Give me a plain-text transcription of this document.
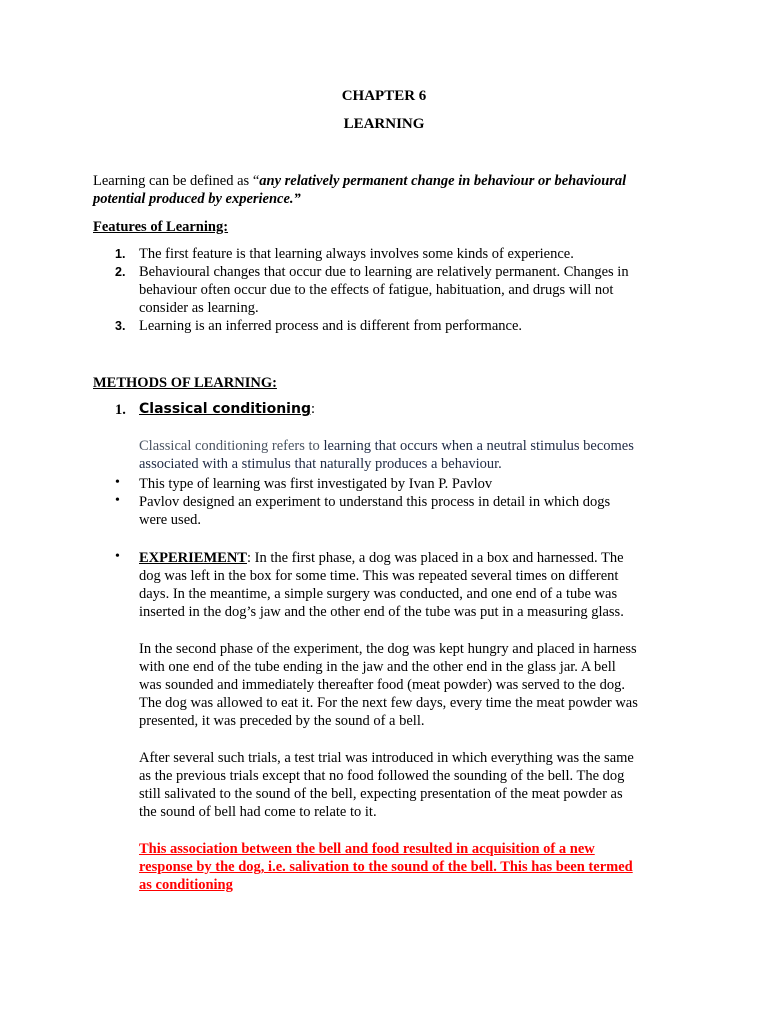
CHAPTER 6
LEARNING
Learning can be defined as “any relatively permanent change in behaviour or behavioural
potential produced by experience.”
Features of Learning:
1. The first feature is that learning always involves some kinds of experience.
2. Behavioural changes that occur due to learning are relatively permanent. Changes in
behaviour often occur due to the effects of fatigue, habituation, and drugs will not
consider as learning.
3. Learning is an inferred process and is different from performance.
METHODS OF LEARNING:
1. Classical conditioning:
Classical conditioning refers to learning that occurs when a neutral stimulus becomes
associated with a stimulus that naturally produces a behaviour.
• This type of learning was first investigated by Ivan P. Pavlov
• Pavlov designed an experiment to understand this process in detail in which dogs
were used.
• EXPERIEMENT: In the first phase, a dog was placed in a box and harnessed. The
dog was left in the box for some time. This was repeated several times on different
days. In the meantime, a simple surgery was conducted, and one end of a tube was
inserted in the dog’s jaw and the other end of the tube was put in a measuring glass.
In the second phase of the experiment, the dog was kept hungry and placed in harness
with one end of the tube ending in the jaw and the other end in the glass jar. A bell
was sounded and immediately thereafter food (meat powder) was served to the dog.
The dog was allowed to eat it. For the next few days, every time the meat powder was
presented, it was preceded by the sound of a bell.
After several such trials, a test trial was introduced in which everything was the same
as the previous trials except that no food followed the sounding of the bell. The dog
still salivated to the sound of the bell, expecting presentation of the meat powder as
the sound of bell had come to relate to it.
This association between the bell and food resulted in acquisition of a new
response by the dog, i.e. salivation to the sound of the bell. This has been termed
as conditioning
